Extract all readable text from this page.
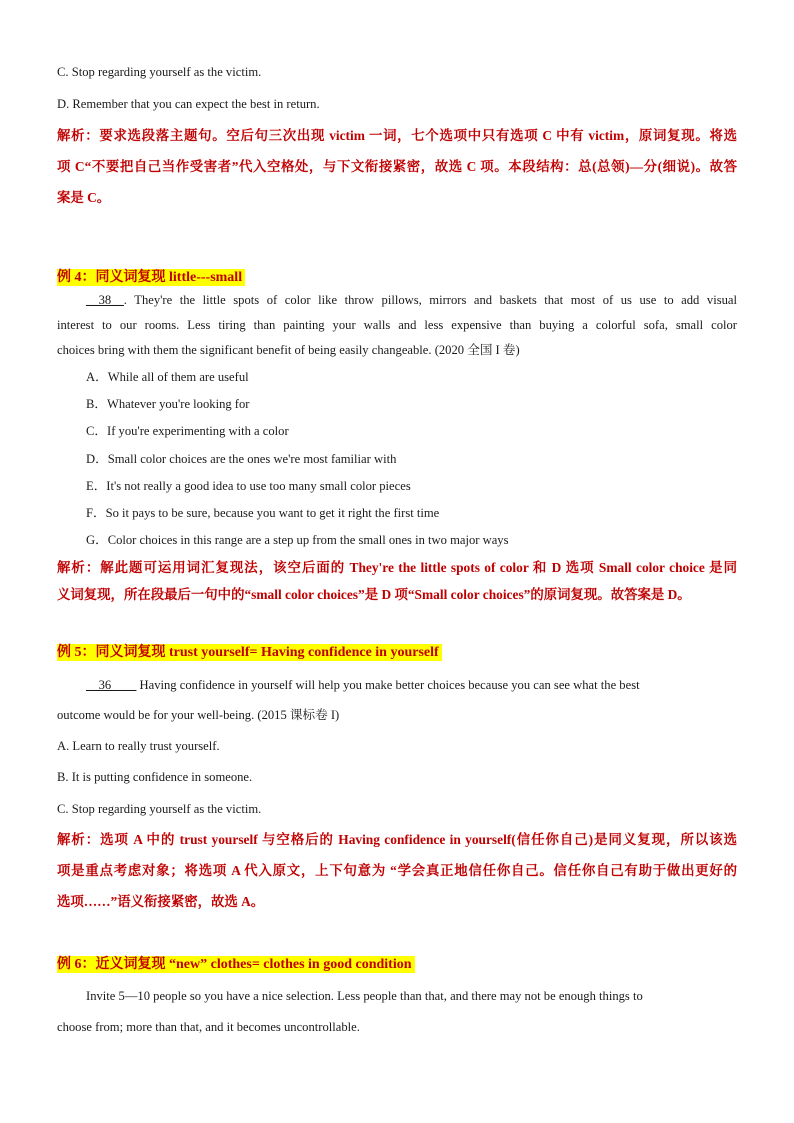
C. Stop regarding yourself as the victim.
D. Remember that you can expect the best in return.
解析：要求选段落主题句。空后句三次出现 victim 一词，七个选项中只有选项 C 中有 victim，原词复现。将选
项 C“不要把自己当作受害者”代入空格处，与下文衔接紧密，故选 C 项。本段结构：总(总领)—分(细说)。故答
案是 C。
例 4：同义词复现 little---small
__38__. They're the little spots of color like throw pillows, mirrors and baskets that most of us use to add visual
interest to our rooms. Less tiring than painting your walls and less expensive than buying a colorful sofa, small color
choices bring with them the significant benefit of being easily changeable. (2020 全国 I 卷)
A．While all of them are useful
B．Whatever you're looking for
C．If you're experimenting with a color
D．Small color choices are the ones we're most familiar with
E．It's not really a good idea to use too many small color pieces
F．So it pays to be sure, because you want to get it right the first time
G．Color choices in this range are a step up from the small ones in two major ways
解析：解此题可运用词汇复现法，该空后面的 They're the little spots of color 和 D 选项 Small color choice 是同
义词复现，所在段最后一句中的“small color choices”是 D 项“Small color choices”的原词复现。故答案是 D。
例 5：同义词复现 trust yourself= Having confidence in yourself
__36____ Having confidence in yourself will help you make better choices because you can see what the best
outcome would be for your well-being. (2015 课标卷 I)
A. Learn to really trust yourself.
B. It is putting confidence in someone.
C. Stop regarding yourself as the victim.
解析：选项 A 中的 trust yourself 与空格后的 Having confidence in yourself(信任你自己)是同义复现，所以该选
项是重点考虑对象；将选项 A 代入原文，上下句意为 “学会真正地信任你自己。信任你自己有助于做出更好的
选项……”语义衔接紧密，故选 A。
例 6：近义词复现 “new” clothes= clothes in good condition
Invite 5—10 people so you have a nice selection. Less people than that, and there may not be enough things to
choose from; more than that, and it becomes uncontrollable.
